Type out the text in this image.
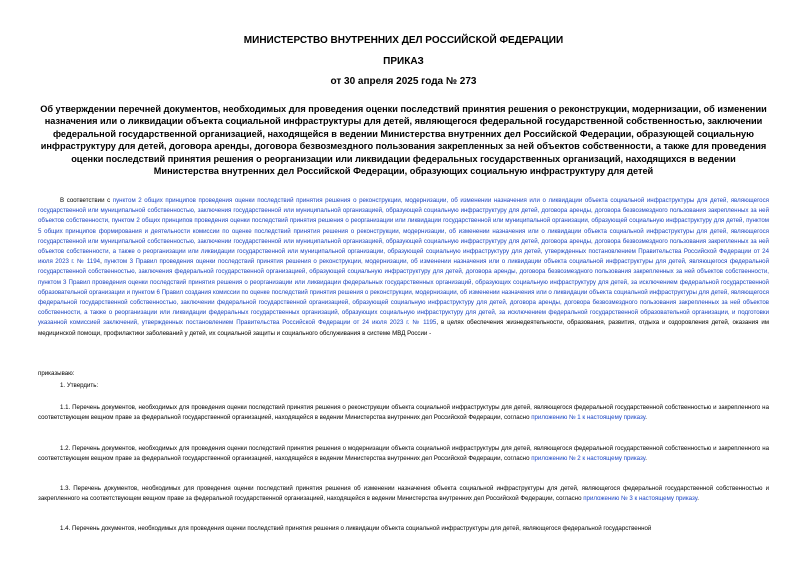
МИНИСТЕРСТВО ВНУТРЕННИХ ДЕЛ РОССИЙСКОЙ ФЕДЕРАЦИИ
ПРИКАЗ
от 30 апреля 2025 года № 273
Об утверждении перечней документов, необходимых для проведения оценки последствий принятия решения о реконструкции, модернизации, об изменении назначения или о ликвидации объекта социальной инфраструктуры для детей, являющегося федеральной государственной собственностью, заключении федеральной государственной организацией, находящейся в ведении Министерства внутренних дел Российской Федерации, образующей социальную инфраструктуру для детей, договора аренды, договора безвозмездного пользования закрепленных за ней объектов собственности, а также для проведения оценки последствий принятия решения о реорганизации или ликвидации федеральных государственных организаций, находящихся в ведении Министерства внутренних дел Российской Федерации, образующих социальную инфраструктуру для детей
В соответствии с пунктом 2 общих принципов проведения оценки последствий принятия решения о реконструкции, модернизации, об изменении назначения или о ликвидации объекта социальной инфраструктуры для детей, являющегося государственной или муниципальной собственностью, заключения государственной или муниципальной организацией, образующей социальную инфраструктуру для детей, договора аренды, договора безвозмездного пользования закрепленных за ней объектов собственности, пунктом 2 общих принципов проведения оценки последствий принятия решения о реорганизации или ликвидации государственной или муниципальной организации, образующей социальную инфраструктуру для детей, пунктом 5 общих принципов формирования и деятельности комиссии по оценке последствий принятия решения о реконструкции, модернизации, об изменении назначения или о ликвидации объекта социальной инфраструктуры для детей, являющегося государственной или муниципальной собственностью, заключении государственной или муниципальной организацией, образующей социальную инфраструктуру для детей, договора аренды, договора безвозмездного пользования закрепленных за ней объектов собственности, а также о реорганизации или ликвидации государственной или муниципальной организации, образующей социальную инфраструктуру для детей, утвержденных постановлением Правительства Российской Федерации от 24 июля 2023 г. № 1194, пунктом 3 Правил проведения оценки последствий принятия решения о реконструкции, модернизации, об изменении назначения или о ликвидации объекта социальной инфраструктуры для детей, являющегося федеральной государственной собственностью, заключения федеральной государственной организацией, образующей социальную инфраструктуру для детей, договора аренды, договора безвозмездного пользования закрепленных за ней объектов собственности, пунктом 3 Правил проведения оценки последствий принятия решения о реорганизации или ликвидации федеральных государственных организаций, образующих социальную инфраструктуру для детей, за исключением федеральной государственной образовательной организации и пунктом 6 Правил создания комиссии по оценке последствий принятия решения о реконструкции, модернизации, об изменении назначения или о ликвидации объекта социальной инфраструктуры для детей, являющегося федеральной государственной собственностью, заключении федеральной государственной организацией, образующей социальную инфраструктуру для детей, договора аренды, договора безвозмездного пользования закрепленных за ней объектов собственности, а также о реорганизации или ликвидации федеральных государственных организаций, образующих социальную инфраструктуру для детей, за исключением федеральной государственной образовательной организации, и подготовки указанной комиссией заключений, утвержденных постановлением Правительства Российской Федерации от 24 июля 2023 г. № 1195, в целях обеспечения жизнедеятельности, образования, развития, отдыха и оздоровления детей, оказания им медицинской помощи, профилактики заболеваний у детей, их социальной защиты и социального обслуживания в системе МВД России -
приказываю:
1. Утвердить:
1.1. Перечень документов, необходимых для проведения оценки последствий принятия решения о реконструкции объекта социальной инфраструктуры для детей, являющегося федеральной государственной собственностью и закрепленного на соответствующем вещном праве за федеральной государственной организацией, находящейся в ведении Министерства внутренних дел Российской Федерации, согласно приложению № 1 к настоящему приказу.
1.2. Перечень документов, необходимых для проведения оценки последствий принятия решения о модернизации объекта социальной инфраструктуры для детей, являющегося федеральной государственной собственностью и закрепленного на соответствующем вещном праве за федеральной государственной организацией, находящейся в ведении Министерства внутренних дел Российской Федерации, согласно приложению № 2 к настоящему приказу.
1.3. Перечень документов, необходимых для проведения оценки последствий принятия решения об изменении назначения объекта социальной инфраструктуры для детей, являющегося федеральной государственной собственностью и закрепленного на соответствующем вещном праве за федеральной государственной организацией, находящейся в ведении Министерства внутренних дел Российской Федерации, согласно приложению № 3 к настоящему приказу.
1.4. Перечень документов, необходимых для проведения оценки последствий принятия решения о ликвидации объекта социальной инфраструктуры для детей, являющегося федеральной государственной
